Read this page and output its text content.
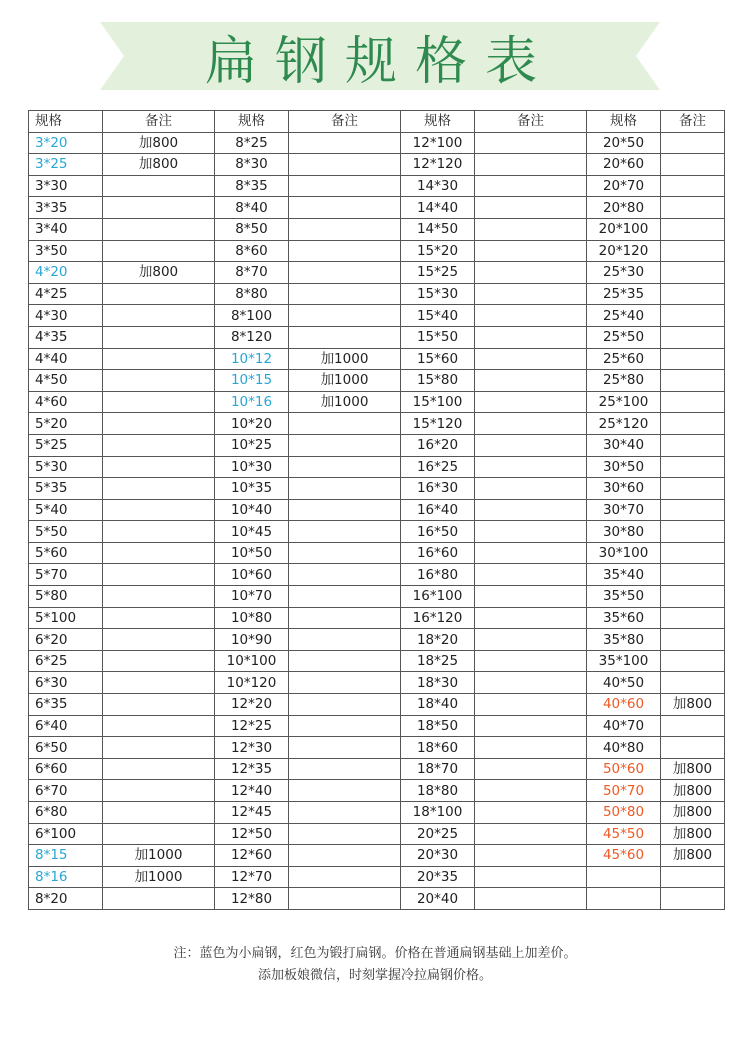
扁钢规格表
规格	备注	规格	备注	规格	备注	规格	备注
3*20	加800	8*25		12*100		20*50	
3*25	加800	8*30		12*120		20*60	
3*30		8*35		14*30		20*70	
3*35		8*40		14*40		20*80	
3*40		8*50		14*50		20*100	
3*50		8*60		15*20		20*120	
4*20	加800	8*70		15*25		25*30	
4*25		8*80		15*30		25*35	
4*30		8*100		15*40		25*40	
4*35		8*120		15*50		25*50	
4*40		10*12	加1000	15*60		25*60	
4*50		10*15	加1000	15*80		25*80	
4*60		10*16	加1000	15*100		25*100	
5*20		10*20		15*120		25*120	
5*25		10*25		16*20		30*40	
5*30		10*30		16*25		30*50	
5*35		10*35		16*30		30*60	
5*40		10*40		16*40		30*70	
5*50		10*45		16*50		30*80	
5*60		10*50		16*60		30*100	
5*70		10*60		16*80		35*40	
5*80		10*70		16*100		35*50	
5*100		10*80		16*120		35*60	
6*20		10*90		18*20		35*80	
6*25		10*100		18*25		35*100	
6*30		10*120		18*30		40*50	
6*35		12*20		18*40		40*60	加800
6*40		12*25		18*50		40*70	
6*50		12*30		18*60		40*80	
6*60		12*35		18*70		50*60	加800
6*70		12*40		18*80		50*70	加800
6*80		12*45		18*100		50*80	加800
6*100		12*50		20*25		45*50	加800
8*15	加1000	12*60		20*30		45*60	加800
8*16	加1000	12*70		20*35			
8*20		12*80		20*40			
注：蓝色为小扁钢，红色为锻打扁钢。价格在普通扁钢基础上加差价。
添加板娘微信，时刻掌握冷拉扁钢价格。
